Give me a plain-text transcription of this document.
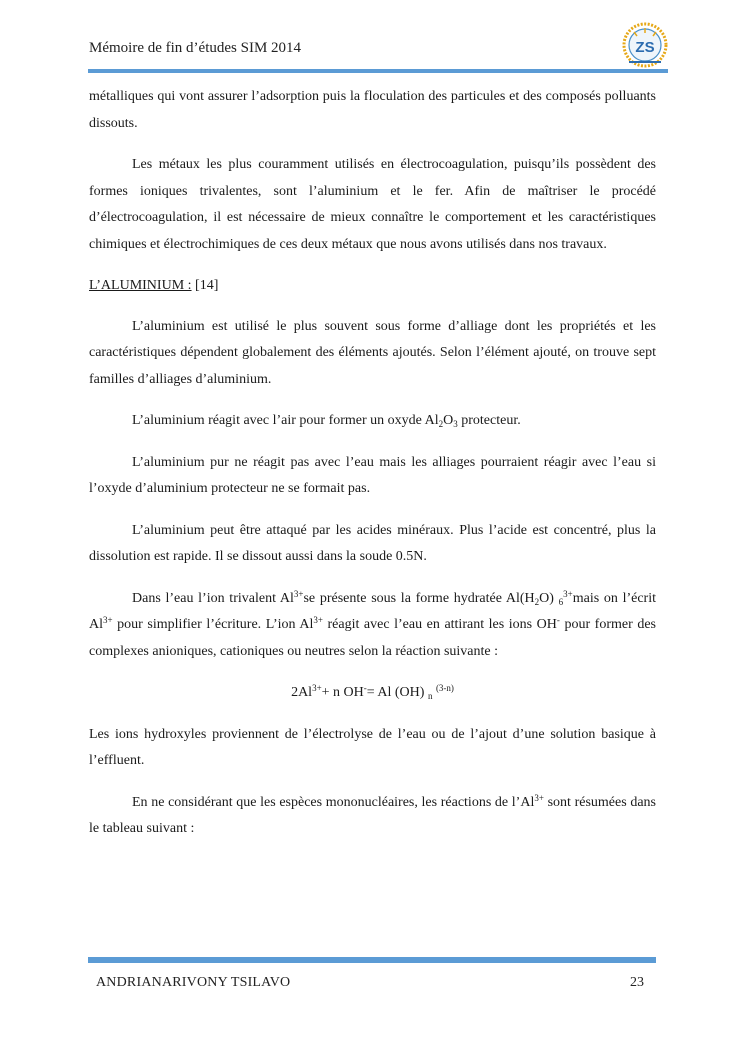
Mémoire de fin d’études SIM 2014	ZS

métalliques qui vont assurer l’adsorption puis la floculation des particules et des composés polluants dissouts.

Les métaux les plus couramment utilisés en électrocoagulation, puisqu’ils possèdent des formes ioniques trivalentes, sont l’aluminium et le fer. Afin de maîtriser le procédé d’électrocoagulation, il est nécessaire de mieux connaître le comportement et les caractéristiques chimiques et électrochimiques de ces deux métaux que nous avons utilisés dans nos travaux.

L’ALUMINIUM : [14]

L’aluminium est utilisé le plus souvent sous forme d’alliage dont les propriétés et les caractéristiques dépendent globalement des éléments ajoutés. Selon l’élément ajouté, on trouve sept familles d’alliages d’aluminium.

L’aluminium réagit avec l’air pour former un oxyde $Al_2O_3$ protecteur.

L’aluminium pur ne réagit pas avec l’eau mais les alliages pourraient réagir avec l’eau si l’oxyde d’aluminium protecteur ne se formait pas.

L’aluminium peut être attaqué par les acides minéraux. Plus l’acide est concentré, plus la dissolution est rapide. Il se dissout aussi dans la soude 0.5N.

Dans l’eau l’ion trivalent $Al^{3+}se$ présente sous la forme hydratée $Al(H_2O)$ $_6^{3+}$mais on l’écrit $Al^{3+}$ pour simplifier l’écriture. L’ion $Al^{3+}$ réagit avec l’eau en attirant les ions OH- pour former des complexes anioniques, cationiques ou neutres selon la réaction suivante :

$2Al^{3+}+ n$ OH-= Al (OH) $_n$ $^{(3-n)}$

Les ions hydroxyles proviennent de l’électrolyse de l’eau ou de l’ajout d’une solution basique à l’effluent.

En ne considérant que les espèces mononucléaires, les réactions de $l’Al^{3+}$ sont résumées dans le tableau suivant :

ANDRIANARIVONY TSILAVO	23
